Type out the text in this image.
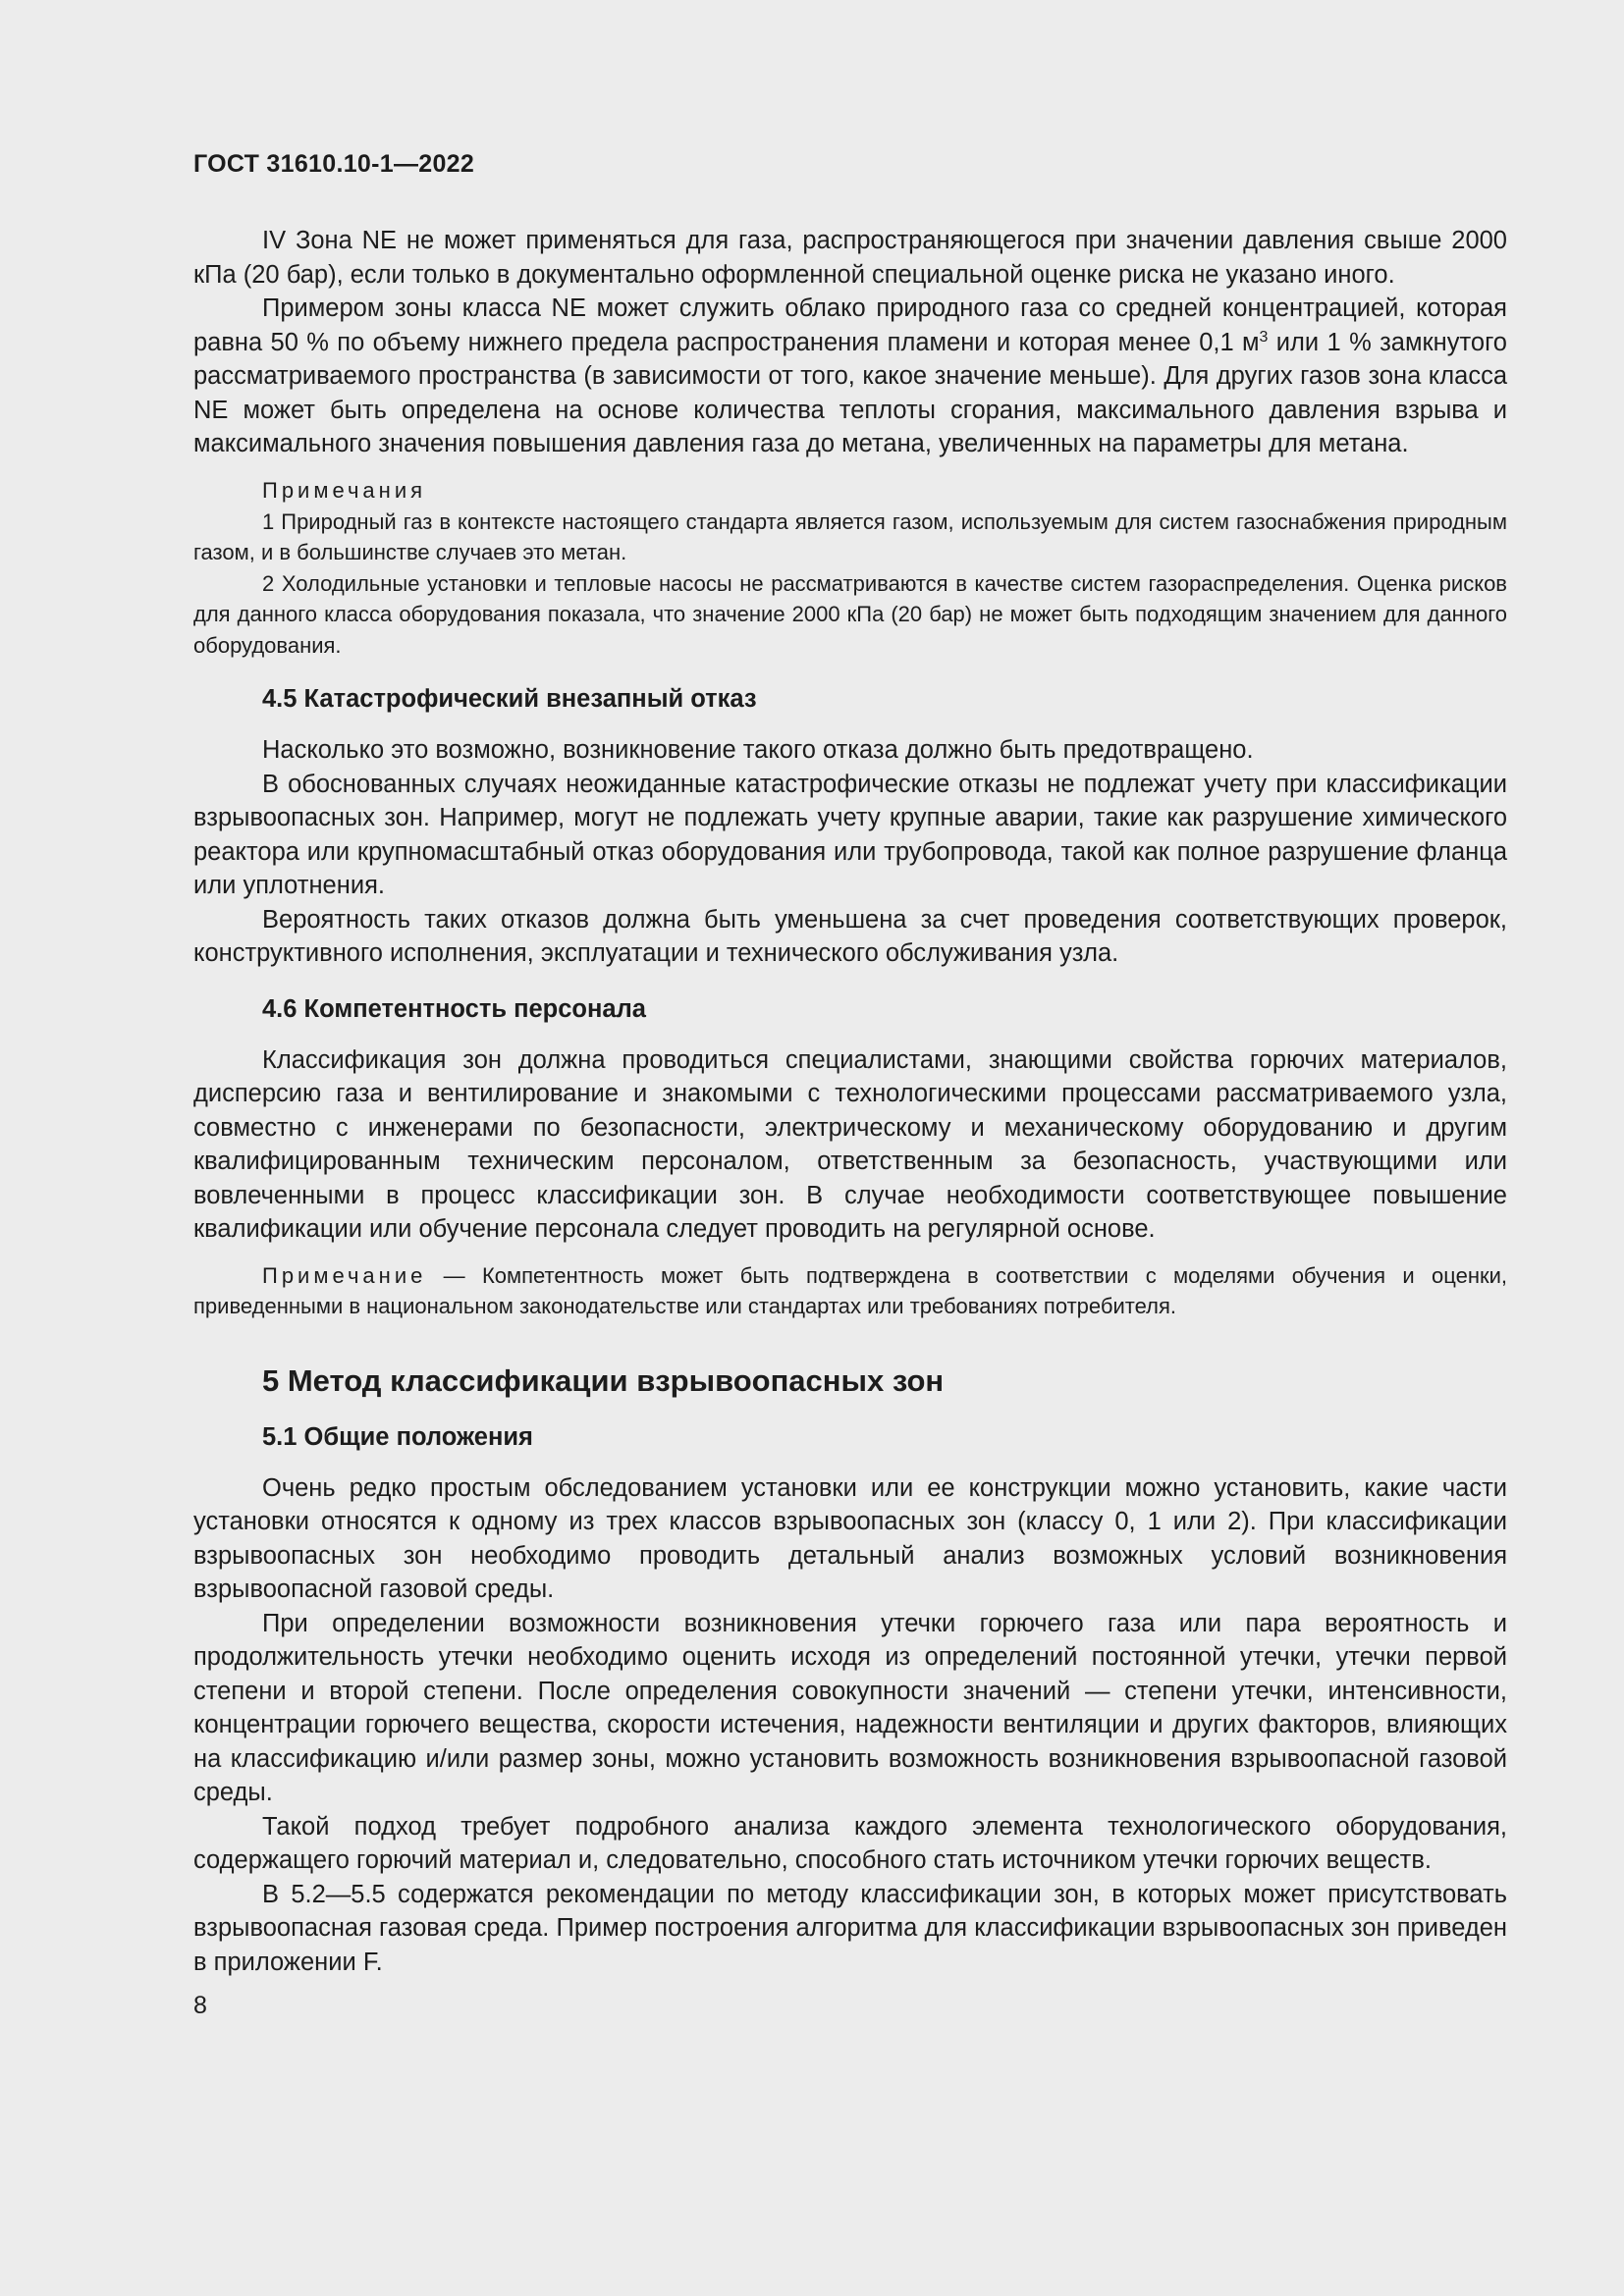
ГОСТ 31610.10-1—2022

IV Зона NE не может применяться для газа, распространяющегося при значении давления свыше 2000 кПа (20 бар), если только в документально оформленной специальной оценке риска не указано иного.

Примером зоны класса NE может служить облако природного газа со средней концентрацией, которая равна 50 % по объему нижнего предела распространения пламени и которая менее 0,1 $м^3$ или 1 % замкнутого рассматриваемого пространства (в зависимости от того, какое значение меньше). Для других газов зона класса NE может быть определена на основе количества теплоты сгорания, максимального давления взрыва и максимального значения повышения давления газа до метана, увеличенных на параметры для метана.

Примечания

1 Природный газ в контексте настоящего стандарта является газом, используемым для систем газоснабжения природным газом, и в большинстве случаев это метан.

2 Холодильные установки и тепловые насосы не рассматриваются в качестве систем газораспределения. Оценка рисков для данного класса оборудования показала, что значение 2000 кПа (20 бар) не может быть подходящим значением для данного оборудования.

4.5 Катастрофический внезапный отказ

Насколько это возможно, возникновение такого отказа должно быть предотвращено.

В обоснованных случаях неожиданные катастрофические отказы не подлежат учету при классификации взрывоопасных зон. Например, могут не подлежать учету крупные аварии, такие как разрушение химического реактора или крупномасштабный отказ оборудования или трубопровода, такой как полное разрушение фланца или уплотнения.

Вероятность таких отказов должна быть уменьшена за счет проведения соответствующих проверок, конструктивного исполнения, эксплуатации и технического обслуживания узла.

4.6 Компетентность персонала

Классификация зон должна проводиться специалистами, знающими свойства горючих материалов, дисперсию газа и вентилирование и знакомыми с технологическими процессами рассматриваемого узла, совместно с инженерами по безопасности, электрическому и механическому оборудованию и другим квалифицированным техническим персоналом, ответственным за безопасность, участвующими или вовлеченными в процесс классификации зон. В случае необходимости соответствующее повышение квалификации или обучение персонала следует проводить на регулярной основе.

Примечание — Компетентность может быть подтверждена в соответствии с моделями обучения и оценки, приведенными в национальном законодательстве или стандартах или требованиях потребителя.

5 Метод классификации взрывоопасных зон
5.1 Общие положения

Очень редко простым обследованием установки или ее конструкции можно установить, какие части установки относятся к одному из трех классов взрывоопасных зон (классу 0, 1 или 2). При классификации взрывоопасных зон необходимо проводить детальный анализ возможных условий возникновения взрывоопасной газовой среды.

При определении возможности возникновения утечки горючего газа или пара вероятность и продолжительность утечки необходимо оценить исходя из определений постоянной утечки, утечки первой степени и второй степени. После определения совокупности значений — степени утечки, интенсивности, концентрации горючего вещества, скорости истечения, надежности вентиляции и других факторов, влияющих на классификацию и/или размер зоны, можно установить возможность возникновения взрывоопасной газовой среды.

Такой подход требует подробного анализа каждого элемента технологического оборудования, содержащего горючий материал и, следовательно, способного стать источником утечки горючих веществ.

В 5.2—5.5 содержатся рекомендации по методу классификации зон, в которых может присутствовать взрывоопасная газовая среда. Пример построения алгоритма для классификации взрывоопасных зон приведен в приложении F.

8
